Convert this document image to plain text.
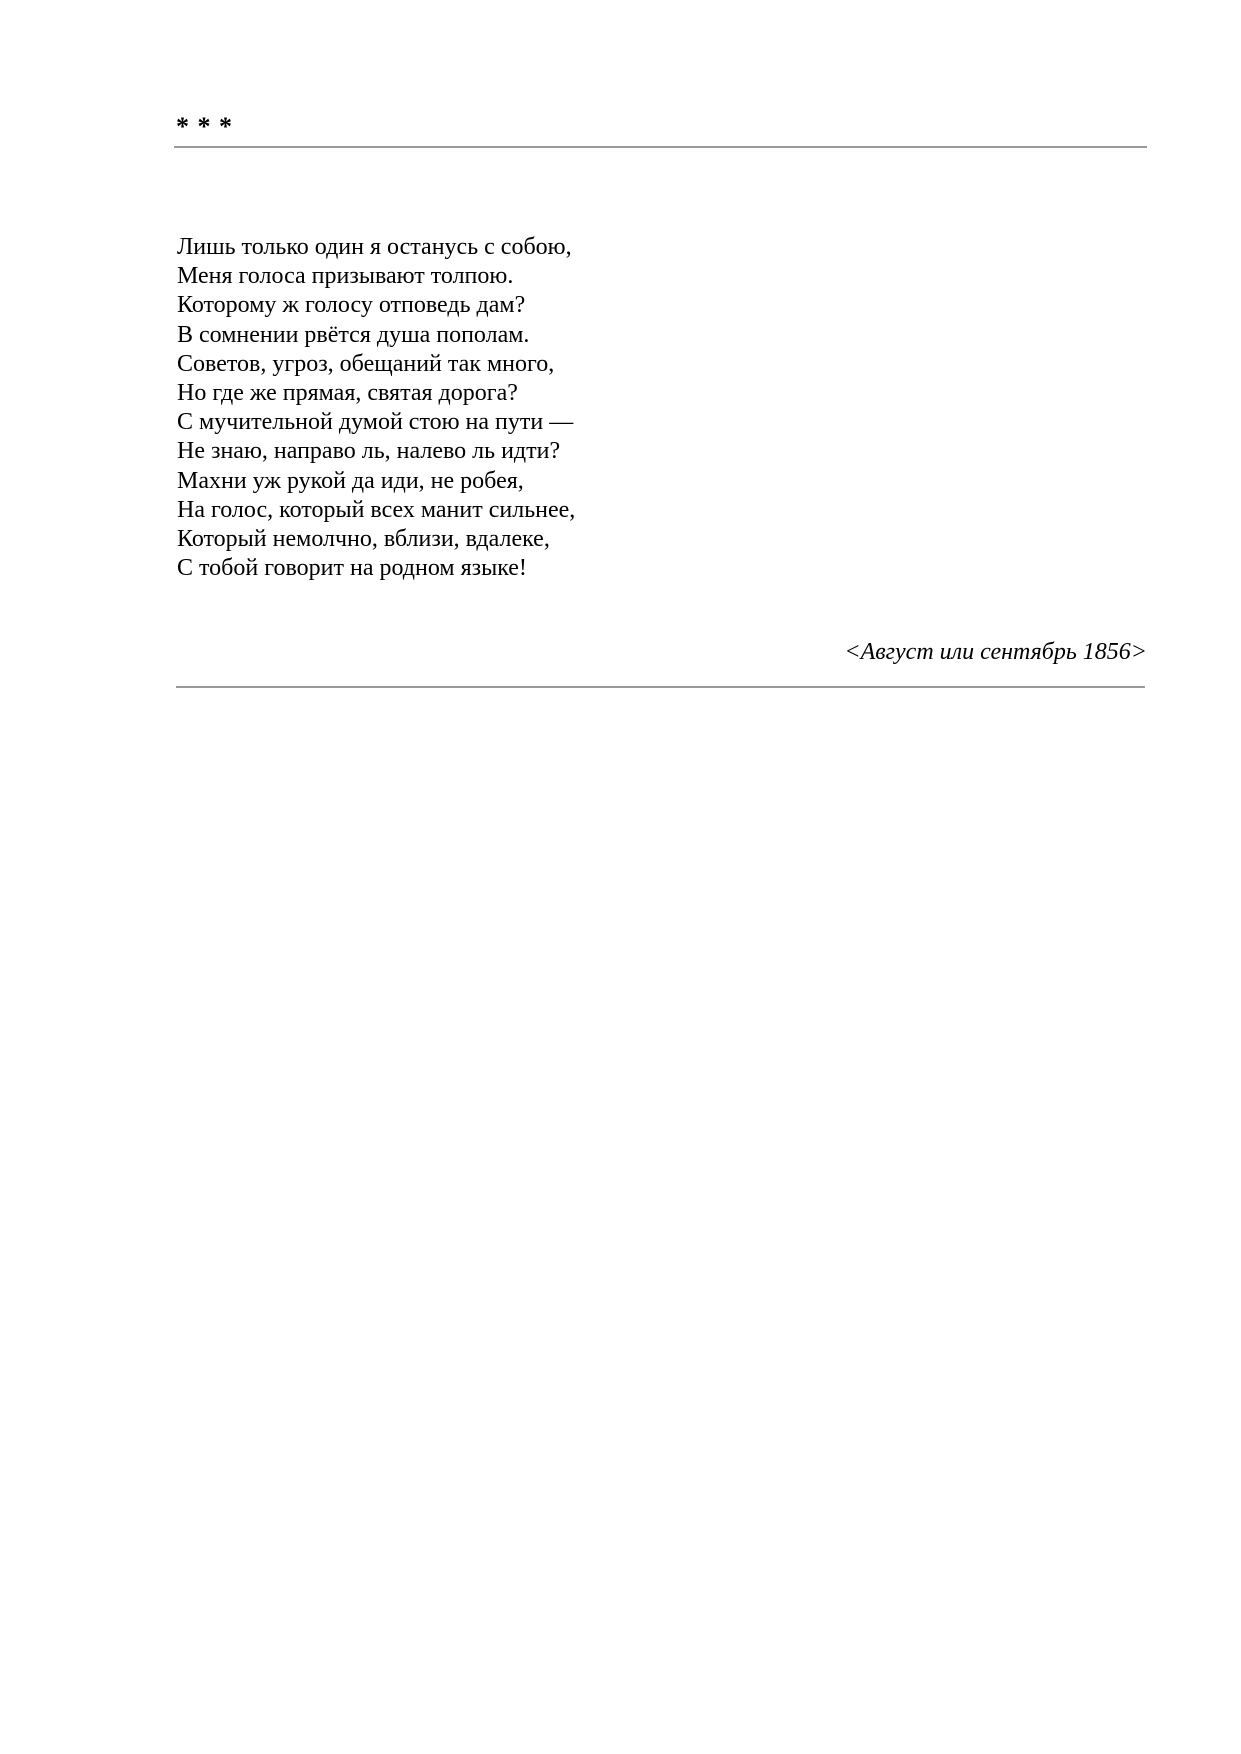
* * *
Лишь только один я останусь с собою,
Меня голоса призывают толпою.
Которому ж голосу отповедь дам?
В сомнении рвётся душа пополам.
Советов, угроз, обещаний так много,
Но где же прямая, святая дорога?
С мучительной думой стою на пути —
Не знаю, направо ль, налево ль идти?
Махни уж рукой да иди, не робея,
На голос, который всех манит сильнее,
Который немолчно, вблизи, вдалеке,
С тобой говорит на родном языке!
<Август или сентябрь 1856>
